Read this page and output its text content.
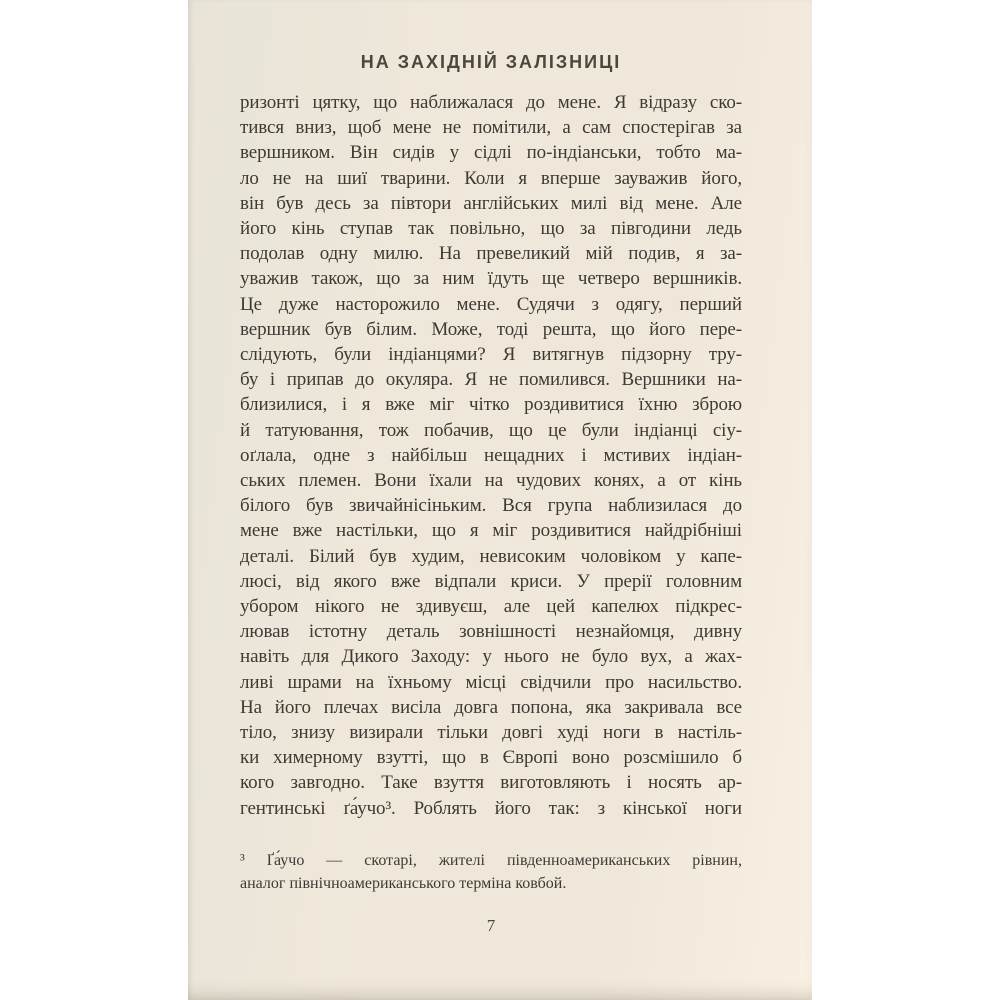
НА ЗАХІДНІЙ ЗАЛІЗНИЦІ
ризонті цятку, що наближалася до мене. Я відразу ско-
тився вниз, щоб мене не помітили, а сам спостерігав за
вершником. Він сидів у сідлі по-індіанськи, тобто ма-
ло не на шиї тварини. Коли я вперше зауважив його,
він був десь за півтори англійських милі від мене. Але
його кінь ступав так повільно, що за півгодини ледь
подолав одну милю. На превеликий мій подив, я за-
уважив також, що за ним їдуть ще четверо вершників.
Це дуже насторожило мене. Судячи з одягу, перший
вершник був білим. Може, тоді решта, що його пере-
слідують, були індіанцями? Я витягнув підзорну тру-
бу і припав до окуляра. Я не помилився. Вершники на-
близилися, і я вже міг чітко роздивитися їхню зброю
й татуювання, тож побачив, що це були індіанці сіу-
оґлала, одне з найбільш нещадних і мстивих індіан-
ських племен. Вони їхали на чудових конях, а от кінь
білого був звичайнісіньким. Вся група наблизилася до
мене вже настільки, що я міг роздивитися найдрібніші
деталі. Білий був худим, невисоким чоловіком у капе-
люсі, від якого вже відпали криси. У прерії головним
убором нікого не здивуєш, але цей капелюх підкрес-
лював істотну деталь зовнішності незнайомця, дивну
навіть для Дикого Заходу: у нього не було вух, а жах-
ливі шрами на їхньому місці свідчили про насильство.
На його плечах висіла довга попона, яка закривала все
тіло, знизу визирали тільки довгі худі ноги в настіль-
ки химерному взутті, що в Європі воно розсмішило б
кого завгодно. Таке взуття виготовляють і носять ар-
гентинські ґа́учо³. Роблять його так: з кінської ноги
³ Ґа́учо — скотарі, жителі південноамериканських рівнин,
аналог північноамериканського терміна ковбой.
7
